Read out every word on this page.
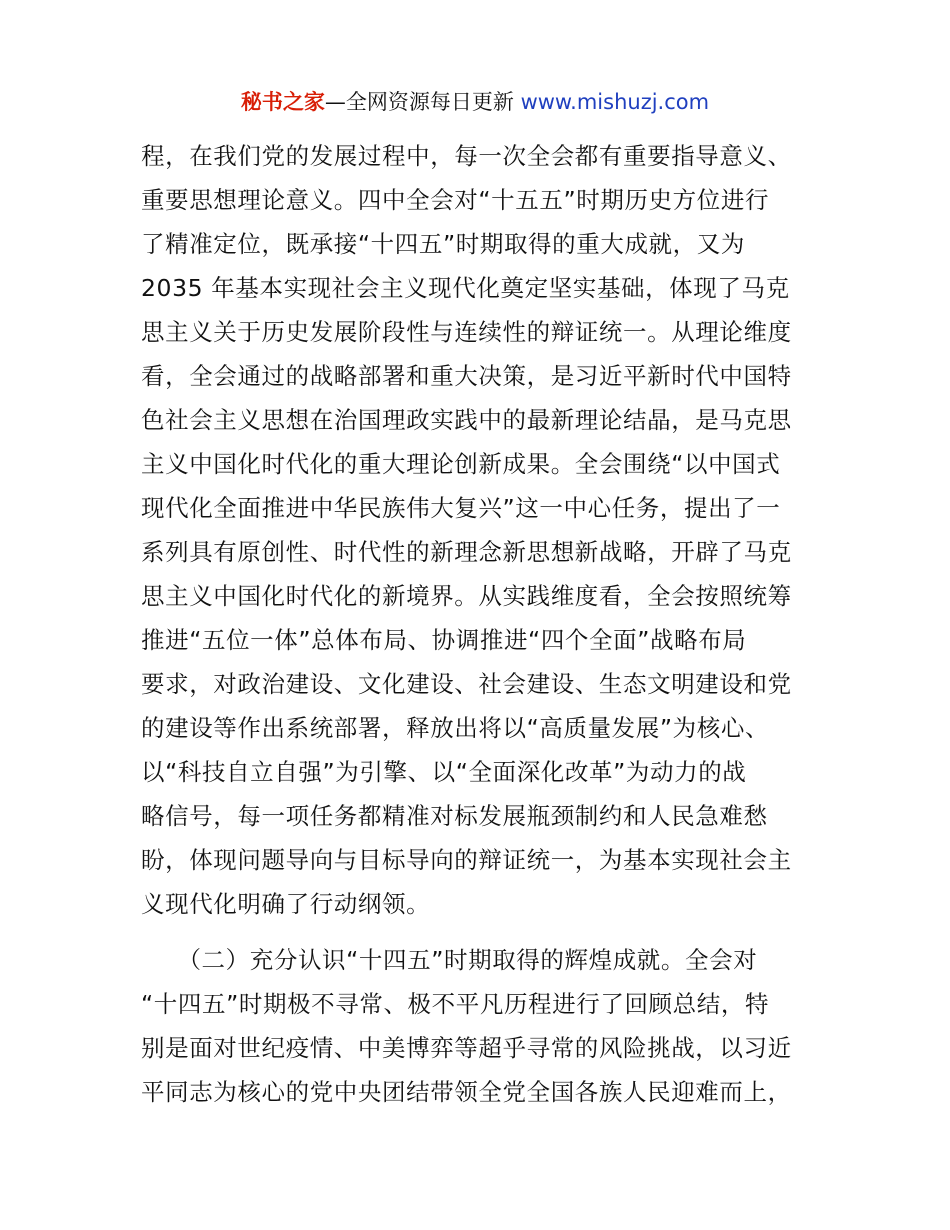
秘书之家—全网资源每日更新 www.mishuzj.com
程，在我们党的发展过程中，每一次全会都有重要指导意义、
重要思想理论意义。四中全会对“十五五”时期历史方位进行
了精准定位，既承接“十四五”时期取得的重大成就，又为
2035 年基本实现社会主义现代化奠定坚实基础，体现了马克
思主义关于历史发展阶段性与连续性的辩证统一。从理论维度
看，全会通过的战略部署和重大决策，是习近平新时代中国特
色社会主义思想在治国理政实践中的最新理论结晶，是马克思
主义中国化时代化的重大理论创新成果。全会围绕“以中国式
现代化全面推进中华民族伟大复兴”这一中心任务，提出了一
系列具有原创性、时代性的新理念新思想新战略，开辟了马克
思主义中国化时代化的新境界。从实践维度看，全会按照统筹
推进“五位一体”总体布局、协调推进“四个全面”战略布局
要求，对政治建设、文化建设、社会建设、生态文明建设和党
的建设等作出系统部署，释放出将以“高质量发展”为核心、
以“科技自立自强”为引擎、以“全面深化改革”为动力的战
略信号，每一项任务都精准对标发展瓶颈制约和人民急难愁
盼，体现问题导向与目标导向的辩证统一，为基本实现社会主
义现代化明确了行动纲领。
　　（二）充分认识“十四五”时期取得的辉煌成就。全会对
“十四五”时期极不寻常、极不平凡历程进行了回顾总结，特
别是面对世纪疫情、中美博弈等超乎寻常的风险挑战，以习近
平同志为核心的党中央团结带领全党全国各族人民迎难而上，
